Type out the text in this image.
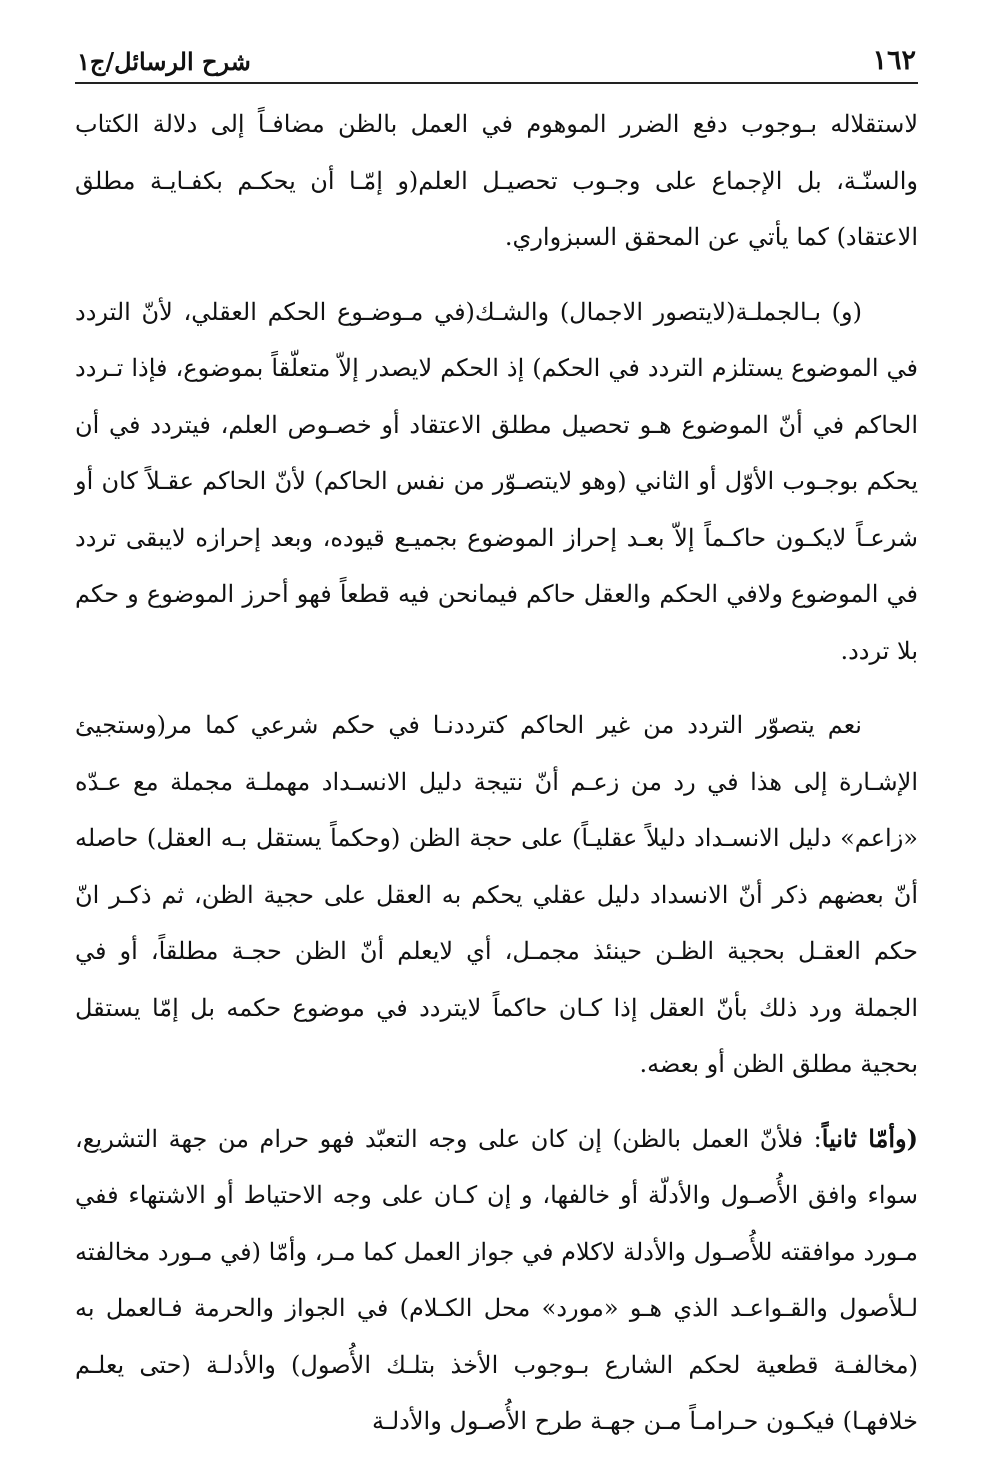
١٦٢
شرح الرسائل/ج١

لاستقلاله بـوجوب دفع الضرر الموهوم في العمل بالظن مضافـاً إلى دلالة الكتاب والسنّـة، بل الإجماع على وجـوب تحصيـل العلم(و إمّـا أن يحكـم بكفـايـة مطلق الاعتقاد) كما يأتي عن المحقق السبزواري.

(و) بـالجملـة(لايتصور الاجمال) والشـك(في مـوضـوع الحكم العقلي، لأنّ التردد في الموضوع يستلزم التردد في الحكم) إذ الحكم لايصدر إلاّ متعلّقاً بموضوع، فإذا تـردد الحاكم في أنّ الموضوع هـو تحصيل مطلق الاعتقاد أو خصـوص العلم، فيتردد في أن يحكم بوجـوب الأوّل أو الثاني (وهو لايتصـوّر من نفس الحاكم) لأنّ الحاكم عقـلاً كان أو شرعـاً لايكـون حاكـماً إلاّ بعـد إحراز الموضوع بجميـع قيوده، وبعد إحرازه لايبقى تردد في الموضوع ولافي الحكم والعقل حاكم فيمانحن فيه قطعاً فهو أحرز الموضوع و حكم بلا تردد.

نعم يتصوّر التردد من غير الحاكم كترددنـا في حكم شرعي كما مر(وستجيئ الإشـارة إلى هذا في رد من زعـم أنّ نتيجة دليل الانسـداد مهملـة مجملة مع عـدّه «زاعم» دليل الانسـداد دليلاً عقليـاً) على حجة الظن (وحكماً يستقل بـه العقل) حاصله أنّ بعضهم ذكر أنّ الانسداد دليل عقلي يحكم به العقل على حجية الظن، ثم ذكـر انّ حكم العقـل بحجية الظـن حينئذ مجمـل، أي لايعلم أنّ الظن حجـة مطلقاً، أو في الجملة ورد ذلك بأنّ العقل إذا كـان حاكماً لايتردد في موضوع حكمه بل إمّا يستقل بحجية مطلق الظن أو بعضه.

(وأمّا ثانياً: فلأنّ العمل بالظن) إن كان على وجه التعبّد فهو حرام من جهة التشريع، سواء وافق الأُصـول والأدلّة أو خالفها، و إن كـان على وجه الاحتياط أو الاشتهاء ففي مـورد موافقته للأُصـول والأدلة لاكلام في جواز العمل كما مـر، وأمّا (في مـورد مخالفته لـلأصول والقـواعـد الذي هـو «مورد» محل الكـلام) في الجواز والحرمة فـالعمل به (مخالفـة قطعية لحكم الشارع بـوجوب الأخذ بتلـك الأُصول) والأدلـة (حتى يعلـم خلافهـا) فيكـون حـرامـاً مـن جهـة طرح الأُصـول والأدلـة
